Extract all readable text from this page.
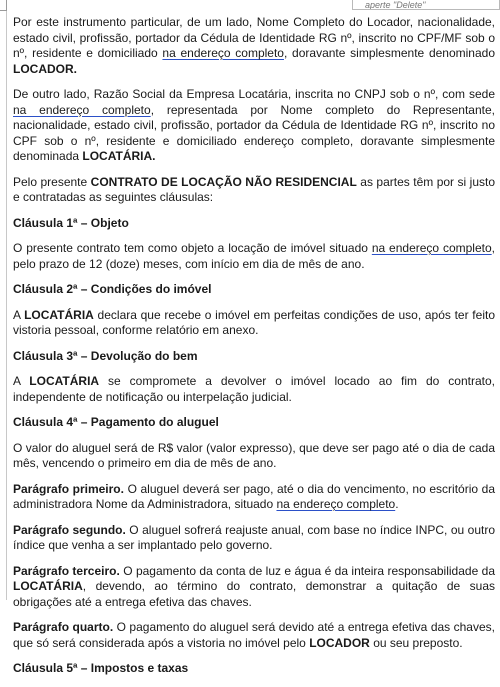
aperte "Delete"

Por este instrumento particular, de um lado, Nome Completo do Locador, nacionalidade, estado civil, profissão, portador da Cédula de Identidade RG nº, inscrito no CPF/MF sob o nº, residente e domiciliado na endereço completo, doravante simplesmente denominado LOCADOR.

De outro lado, Razão Social da Empresa Locatária, inscrita no CNPJ sob o nº, com sede na endereço completo, representada por Nome completo do Representante, nacionalidade, estado civil, profissão, portador da Cédula de Identidade RG nº, inscrito no CPF sob o nº, residente e domiciliado endereço completo, doravante simplesmente denominada LOCATÁRIA.

Pelo presente CONTRATO DE LOCAÇÃO NÃO RESIDENCIAL as partes têm por si justo e contratadas as seguintes cláusulas:

Cláusula 1ª – Objeto

O presente contrato tem como objeto a locação de imóvel situado na endereço completo, pelo prazo de 12 (doze) meses, com início em dia de mês de ano.

Cláusula 2ª – Condições do imóvel

A LOCATÁRIA declara que recebe o imóvel em perfeitas condições de uso, após ter feito vistoria pessoal, conforme relatório em anexo.

Cláusula 3ª – Devolução do bem

A LOCATÁRIA se compromete a devolver o imóvel locado ao fim do contrato, independente de notificação ou interpelação judicial.

Cláusula 4ª – Pagamento do aluguel

O valor do aluguel será de R$ valor (valor expresso), que deve ser pago até o dia de cada mês, vencendo o primeiro em dia de mês de ano.

Parágrafo primeiro. O aluguel deverá ser pago, até o dia do vencimento, no escritório da administradora Nome da Administradora, situado na endereço completo.

Parágrafo segundo. O aluguel sofrerá reajuste anual, com base no índice INPC, ou outro índice que venha a ser implantado pelo governo.

Parágrafo terceiro. O pagamento da conta de luz e água é da inteira responsabilidade da LOCATÁRIA, devendo, ao término do contrato, demonstrar a quitação de suas obrigações até a entrega efetiva das chaves.

Parágrafo quarto. O pagamento do aluguel será devido até a entrega efetiva das chaves, que só será considerada após a vistoria no imóvel pelo LOCADOR ou seu preposto.

Cláusula 5ª – Impostos e taxas
